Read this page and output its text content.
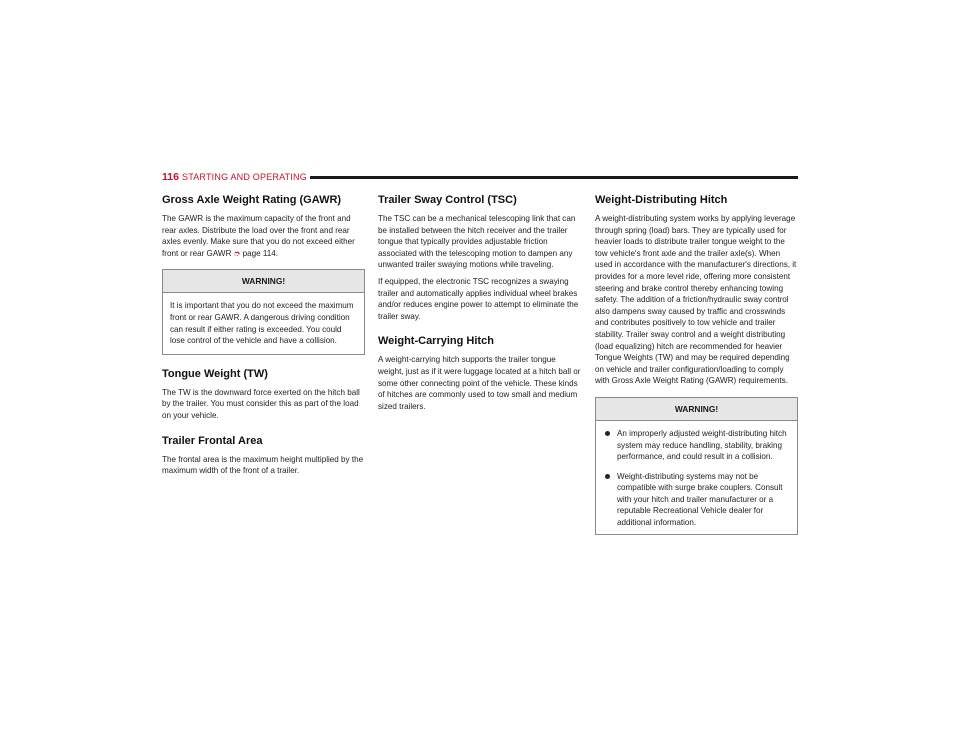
116 STARTING AND OPERATING
Gross Axle Weight Rating (GAWR)

The GAWR is the maximum capacity of the front and rear axles. Distribute the load over the front and rear axles evenly. Make sure that you do not exceed either front or rear GAWR ➮ page 114.

WARNING!

It is important that you do not exceed the maximum front or rear GAWR. A dangerous driving condition can result if either rating is exceeded. You could lose control of the vehicle and have a collision.

Tongue Weight (TW)

The TW is the downward force exerted on the hitch ball by the trailer. You must consider this as part of the load on your vehicle.

Trailer Frontal Area

The frontal area is the maximum height multiplied by the maximum width of the front of a trailer.

Trailer Sway Control (TSC)

The TSC can be a mechanical telescoping link that can be installed between the hitch receiver and the trailer tongue that typically provides adjustable friction associated with the telescoping motion to dampen any unwanted trailer swaying motions while traveling.

If equipped, the electronic TSC recognizes a swaying trailer and automatically applies individual wheel brakes and/or reduces engine power to attempt to eliminate the trailer sway.

Weight-Carrying Hitch

A weight-carrying hitch supports the trailer tongue weight, just as if it were luggage located at a hitch ball or some other connecting point of the vehicle. These kinds of hitches are commonly used to tow small and medium sized trailers.

Weight-Distributing Hitch

A weight-distributing system works by applying leverage through spring (load) bars. They are typically used for heavier loads to distribute trailer tongue weight to the tow vehicle's front axle and the trailer axle(s). When used in accordance with the manufacturer's directions, it provides for a more level ride, offering more consistent steering and brake control thereby enhancing towing safety. The addition of a friction/hydraulic sway control also dampens sway caused by traffic and crosswinds and contributes positively to tow vehicle and trailer stability. Trailer sway control and a weight distributing (load equalizing) hitch are recommended for heavier Tongue Weights (TW) and may be required depending on vehicle and trailer configuration/loading to comply with Gross Axle Weight Rating (GAWR) requirements.

WARNING!

An improperly adjusted weight-distributing hitch system may reduce handling, stability, braking performance, and could result in a collision.

Weight-distributing systems may not be compatible with surge brake couplers. Consult with your hitch and trailer manufacturer or a reputable Recreational Vehicle dealer for additional information.
